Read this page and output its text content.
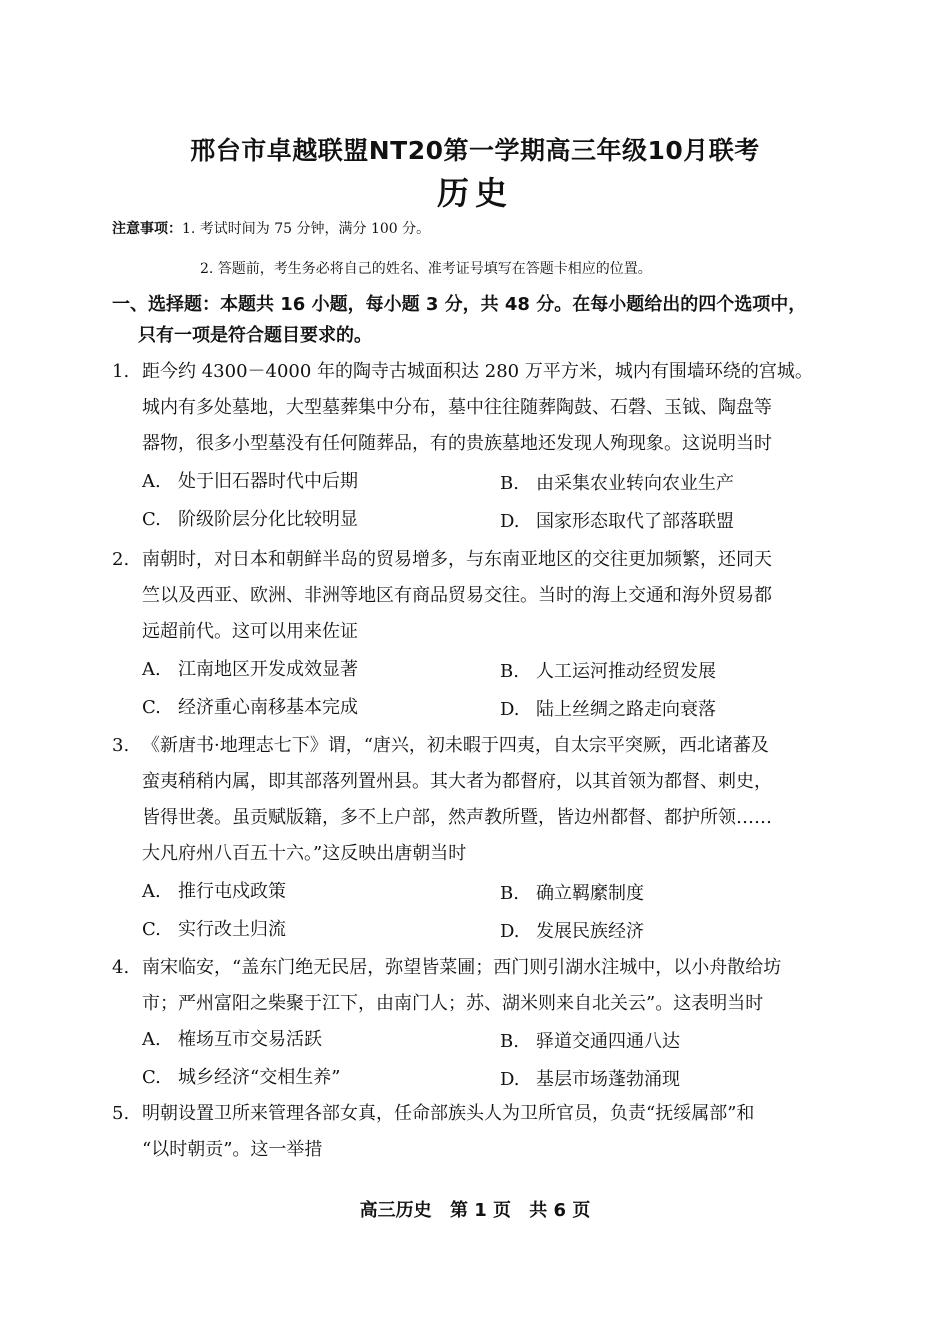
邢台市卓越联盟NT20第一学期高三年级10月联考
历史
注意事项：1. 考试时间为 75 分钟，满分 100 分。
2. 答题前，考生务必将自己的姓名、准考证号填写在答题卡相应的位置。
一、选择题：本题共 16 小题，每小题 3 分，共 48 分。在每小题给出的四个选项中，
只有一项是符合题目要求的。
1. 距今约 4300－4000 年的陶寺古城面积达 280 万平方米，城内有围墙环绕的宫城。
城内有多处墓地，大型墓葬集中分布，墓中往往随葬陶鼓、石磬、玉钺、陶盘等
器物，很多小型墓没有任何随葬品，有的贵族墓地还发现人殉现象。这说明当时
A. 处于旧石器时代中后期	B. 由采集农业转向农业生产
C. 阶级阶层分化比较明显	D. 国家形态取代了部落联盟
2. 南朝时，对日本和朝鲜半岛的贸易增多，与东南亚地区的交往更加频繁，还同天
竺以及西亚、欧洲、非洲等地区有商品贸易交往。当时的海上交通和海外贸易都
远超前代。这可以用来佐证
A. 江南地区开发成效显著	B. 人工运河推动经贸发展
C. 经济重心南移基本完成	D. 陆上丝绸之路走向衰落
3. 《新唐书·地理志七下》谓，“唐兴，初未暇于四夷，自太宗平突厥，西北诸蕃及
蛮夷稍稍内属，即其部落列置州县。其大者为都督府，以其首领为都督、刺史，
皆得世袭。虽贡赋版籍，多不上户部，然声教所暨，皆边州都督、都护所领……
大凡府州八百五十六。”这反映出唐朝当时
A. 推行屯戍政策	B. 确立羁縻制度
C. 实行改土归流	D. 发展民族经济
4. 南宋临安，“盖东门绝无民居，弥望皆菜圃；西门则引湖水注城中，以小舟散给坊
市；严州富阳之柴聚于江下，由南门人；苏、湖米则来自北关云”。这表明当时
A. 榷场互市交易活跃	B. 驿道交通四通八达
C. 城乡经济“交相生养”	D. 基层市场蓬勃涌现
5. 明朝设置卫所来管理各部女真，任命部族头人为卫所官员，负责“抚绥属部”和
“以时朝贡”。这一举措
高三历史 第 1 页 共 6 页
